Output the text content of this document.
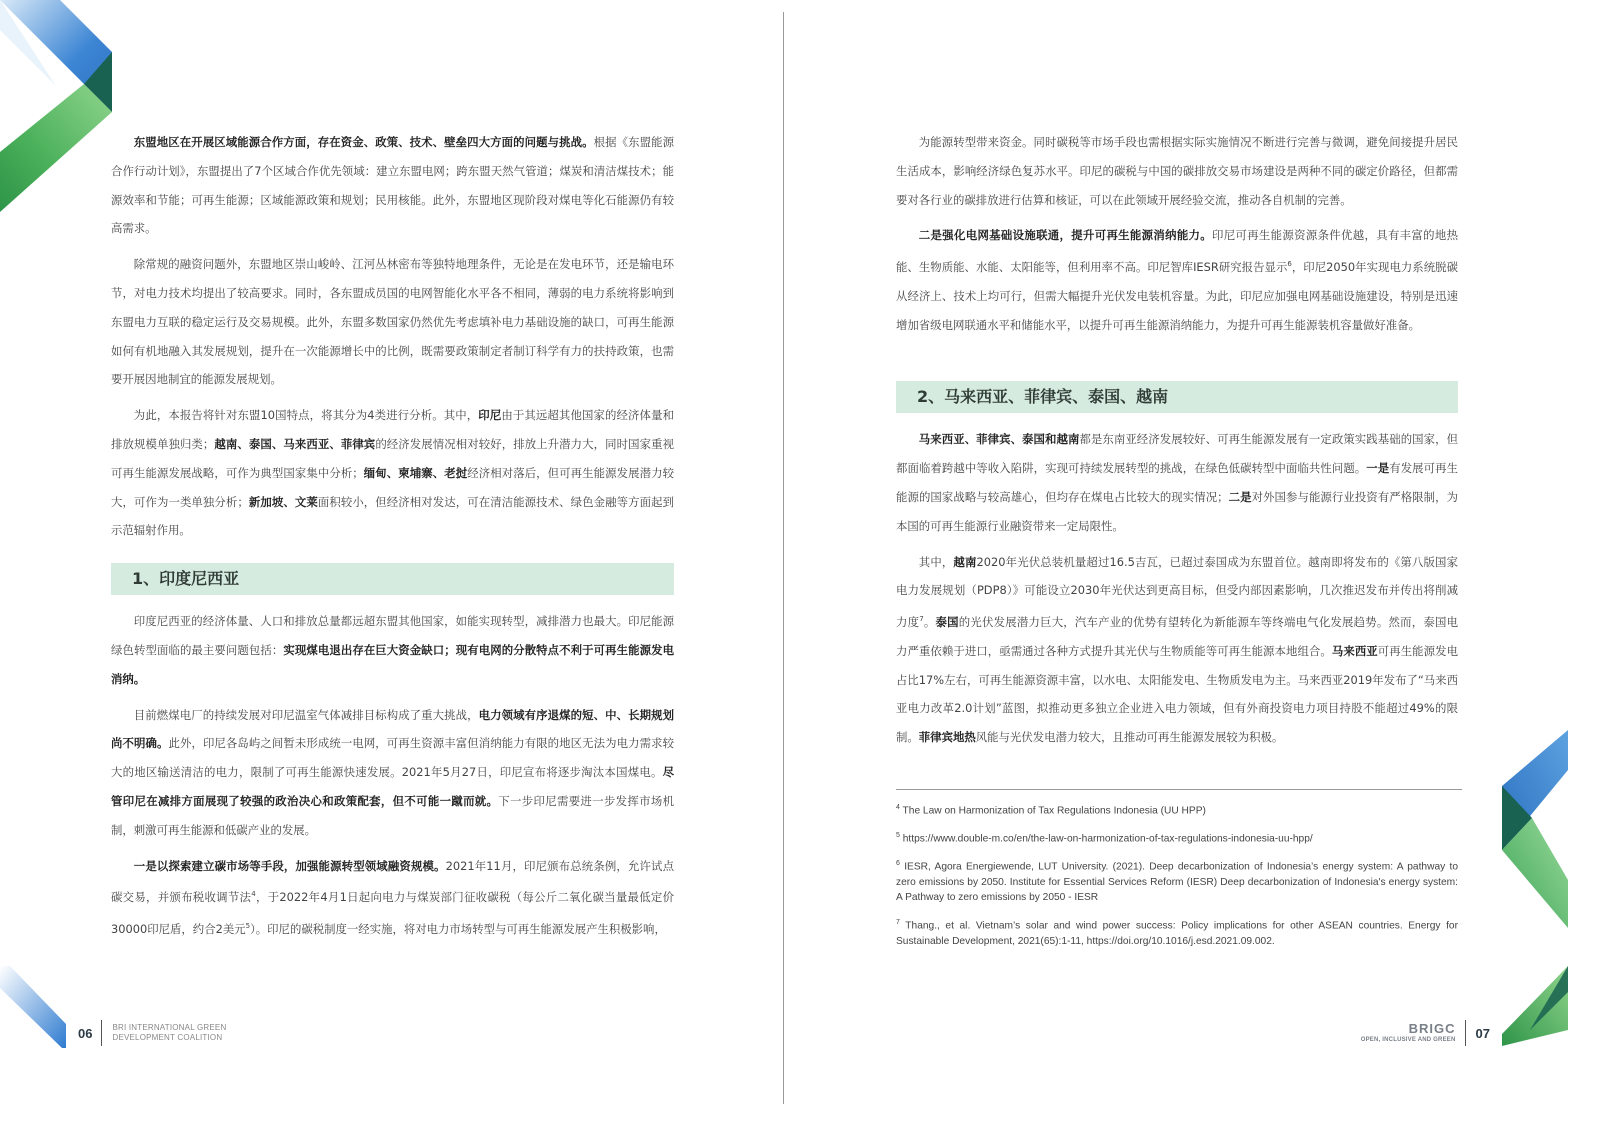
东盟地区在开展区域能源合作方面，存在资金、政策、技术、壁垒四大方面的问题与挑战。根据《东盟能源合作行动计划》，东盟提出了7个区域合作优先领域：建立东盟电网；跨东盟天然气管道；煤炭和清洁煤技术；能源效率和节能；可再生能源；区域能源政策和规划；民用核能。此外，东盟地区现阶段对煤电等化石能源仍有较高需求。

除常规的融资问题外，东盟地区崇山峻岭、江河丛林密布等独特地理条件，无论是在发电环节，还是输电环节，对电力技术均提出了较高要求。同时，各东盟成员国的电网智能化水平各不相同，薄弱的电力系统将影响到东盟电力互联的稳定运行及交易规模。此外，东盟多数国家仍然优先考虑填补电力基础设施的缺口，可再生能源如何有机地融入其发展规划，提升在一次能源增长中的比例，既需要政策制定者制订科学有力的扶持政策，也需要开展因地制宜的能源发展规划。

为此，本报告将针对东盟10国特点，将其分为4类进行分析。其中，印尼由于其远超其他国家的经济体量和排放规模单独归类；越南、泰国、马来西亚、菲律宾的经济发展情况相对较好，排放上升潜力大，同时国家重视可再生能源发展战略，可作为典型国家集中分析；缅甸、柬埔寨、老挝经济相对落后，但可再生能源发展潜力较大，可作为一类单独分析；新加坡、文莱面积较小，但经济相对发达，可在清洁能源技术、绿色金融等方面起到示范辐射作用。

1、印度尼西亚

印度尼西亚的经济体量、人口和排放总量都远超东盟其他国家，如能实现转型，减排潜力也最大。印尼能源绿色转型面临的最主要问题包括：实现煤电退出存在巨大资金缺口；现有电网的分散特点不利于可再生能源发电消纳。

目前燃煤电厂的持续发展对印尼温室气体减排目标构成了重大挑战，电力领域有序退煤的短、中、长期规划尚不明确。此外，印尼各岛屿之间暂未形成统一电网，可再生资源丰富但消纳能力有限的地区无法为电力需求较大的地区输送清洁的电力，限制了可再生能源快速发展。2021年5月27日，印尼宣布将逐步淘汰本国煤电。尽管印尼在减排方面展现了较强的政治决心和政策配套，但不可能一蹴而就。下一步印尼需要进一步发挥市场机制，刺激可再生能源和低碳产业的发展。

一是以探索建立碳市场等手段，加强能源转型领域融资规模。2021年11月，印尼颁布总统条例，允许试点碳交易，并颁布税收调节法$^4$，于2022年4月1日起向电力与煤炭部门征收碳税（每公斤二氧化碳当量最低定价30000印尼盾，约合2美元$^5$）。印尼的碳税制度一经实施，将对电力市场转型与可再生能源发展产生积极影响，

06	BRI INTERNATIONAL GREEN
DEVELOPMENT COALITION

为能源转型带来资金。同时碳税等市场手段也需根据实际实施情况不断进行完善与微调，避免间接提升居民生活成本，影响经济绿色复苏水平。印尼的碳税与中国的碳排放交易市场建设是两种不同的碳定价路径，但都需要对各行业的碳排放进行估算和核证，可以在此领域开展经验交流，推动各自机制的完善。

二是强化电网基础设施联通，提升可再生能源消纳能力。印尼可再生能源资源条件优越，具有丰富的地热能、生物质能、水能、太阳能等，但利用率不高。印尼智库IESR研究报告显示$^6$，印尼2050年实现电力系统脱碳从经济上、技术上均可行，但需大幅提升光伏发电装机容量。为此，印尼应加强电网基础设施建设，特别是迅速增加省级电网联通水平和储能水平，以提升可再生能源消纳能力，为提升可再生能源装机容量做好准备。

2、马来西亚、菲律宾、泰国、越南

马来西亚、菲律宾、泰国和越南都是东南亚经济发展较好、可再生能源发展有一定政策实践基础的国家，但都面临着跨越中等收入陷阱，实现可持续发展转型的挑战，在绿色低碳转型中面临共性问题。一是有发展可再生能源的国家战略与较高雄心，但均存在煤电占比较大的现实情况；二是对外国参与能源行业投资有严格限制，为本国的可再生能源行业融资带来一定局限性。

其中，越南2020年光伏总装机量超过16.5吉瓦，已超过泰国成为东盟首位。越南即将发布的《第八版国家电力发展规划（PDP8）》可能设立2030年光伏达到更高目标，但受内部因素影响，几次推迟发布并传出将削减力度$^7$。泰国的光伏发展潜力巨大，汽车产业的优势有望转化为新能源车等终端电气化发展趋势。然而，泰国电力严重依赖于进口，亟需通过各种方式提升其光伏与生物质能等可再生能源本地组合。马来西亚可再生能源发电占比17%左右，可再生能源资源丰富，以水电、太阳能发电、生物质发电为主。马来西亚2019年发布了“马来西亚电力改革2.0计划”蓝图，拟推动更多独立企业进入电力领域，但有外商投资电力项目持股不能超过49%的限制。菲律宾地热风能与光伏发电潜力较大，且推动可再生能源发展较为积极。

$^4$ The Law on Harmonization of Tax Regulations Indonesia (UU HPP)
$^5$ https://www.double-m.co/en/the-law-on-harmonization-of-tax-regulations-indonesia-uu-hpp/
$^6$ IESR, Agora Energiewende, LUT University. (2021). Deep decarbonization of Indonesia’s energy system: A pathway to zero emissions by 2050. Institute for Essential Services Reform (IESR) Deep decarbonization of Indonesia's energy system: A Pathway to zero emissions by 2050 - IESR
$^7$ Thang., et al. Vietnam’s solar and wind power success: Policy implications for other ASEAN countries. Energy for Sustainable Development, 2021(65):1-11, https://doi.org/10.1016/j.esd.2021.09.002.
BRIGC
OPEN, INCLUSIVE AND GREEN 07
